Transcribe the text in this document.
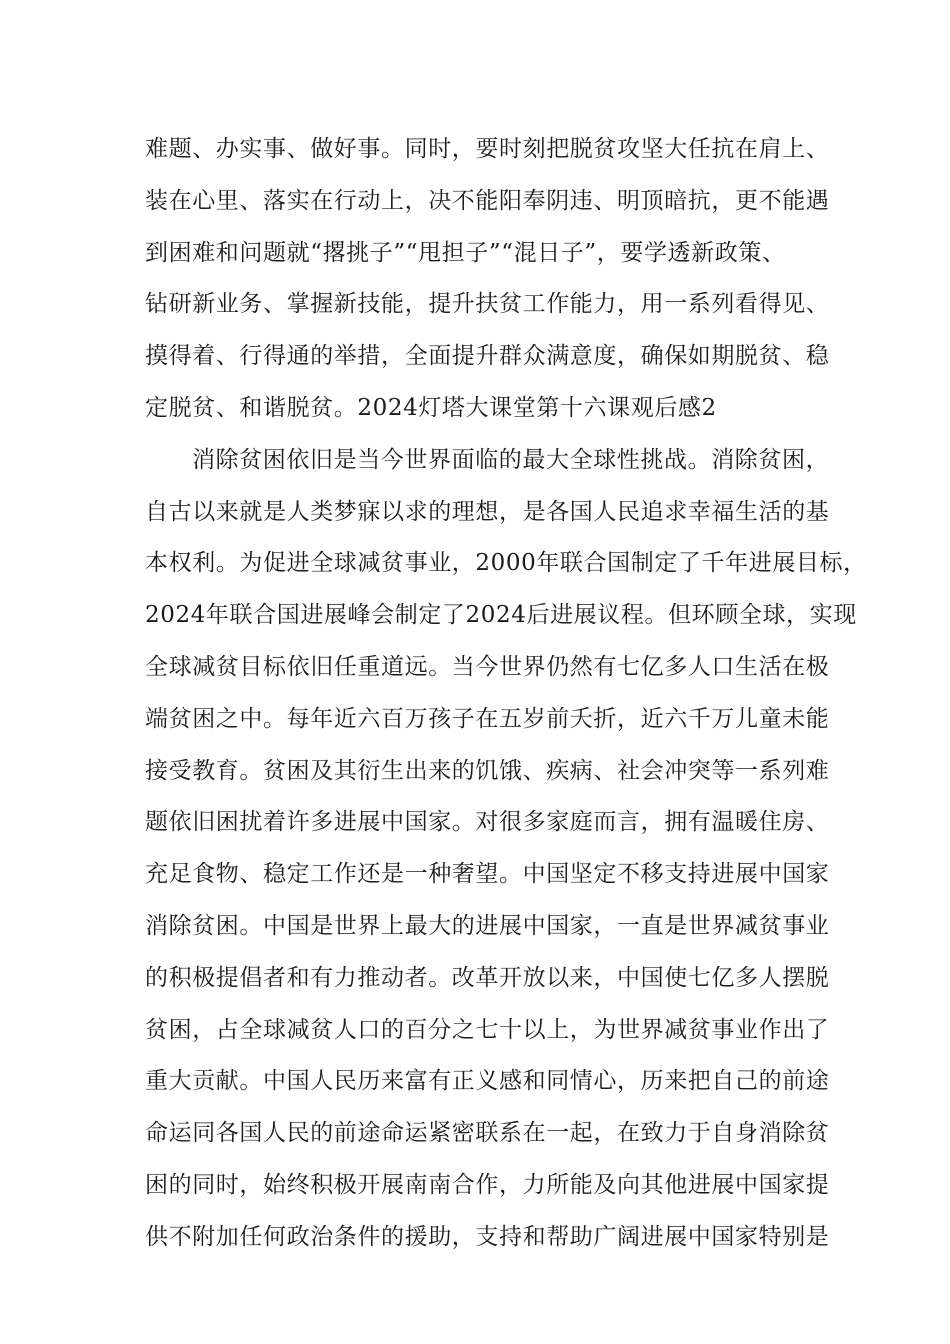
难题、办实事、做好事。同时，要时刻把脱贫攻坚大任抗在肩上、
装在心里、落实在行动上，决不能阳奉阴违、明顶暗抗，更不能遇
到困难和问题就“撂挑子”“甩担子”“混日子”，要学透新政策、
钻研新业务、掌握新技能，提升扶贫工作能力，用一系列看得见、
摸得着、行得通的举措，全面提升群众满意度，确保如期脱贫、稳
定脱贫、和谐脱贫。2024灯塔大课堂第十六课观后感2
消除贫困依旧是当今世界面临的最大全球性挑战。消除贫困，
自古以来就是人类梦寐以求的理想，是各国人民追求幸福生活的基
本权利。为促进全球减贫事业，2000年联合国制定了千年进展目标，
2024年联合国进展峰会制定了2024后进展议程。但环顾全球，实现
全球减贫目标依旧任重道远。当今世界仍然有七亿多人口生活在极
端贫困之中。每年近六百万孩子在五岁前夭折，近六千万儿童未能
接受教育。贫困及其衍生出来的饥饿、疾病、社会冲突等一系列难
题依旧困扰着许多进展中国家。对很多家庭而言，拥有温暖住房、
充足食物、稳定工作还是一种奢望。中国坚定不移支持进展中国家
消除贫困。中国是世界上最大的进展中国家，一直是世界减贫事业
的积极提倡者和有力推动者。改革开放以来，中国使七亿多人摆脱
贫困，占全球减贫人口的百分之七十以上，为世界减贫事业作出了
重大贡献。中国人民历来富有正义感和同情心，历来把自己的前途
命运同各国人民的前途命运紧密联系在一起，在致力于自身消除贫
困的同时，始终积极开展南南合作，力所能及向其他进展中国家提
供不附加任何政治条件的援助，支持和帮助广阔进展中国家特别是
